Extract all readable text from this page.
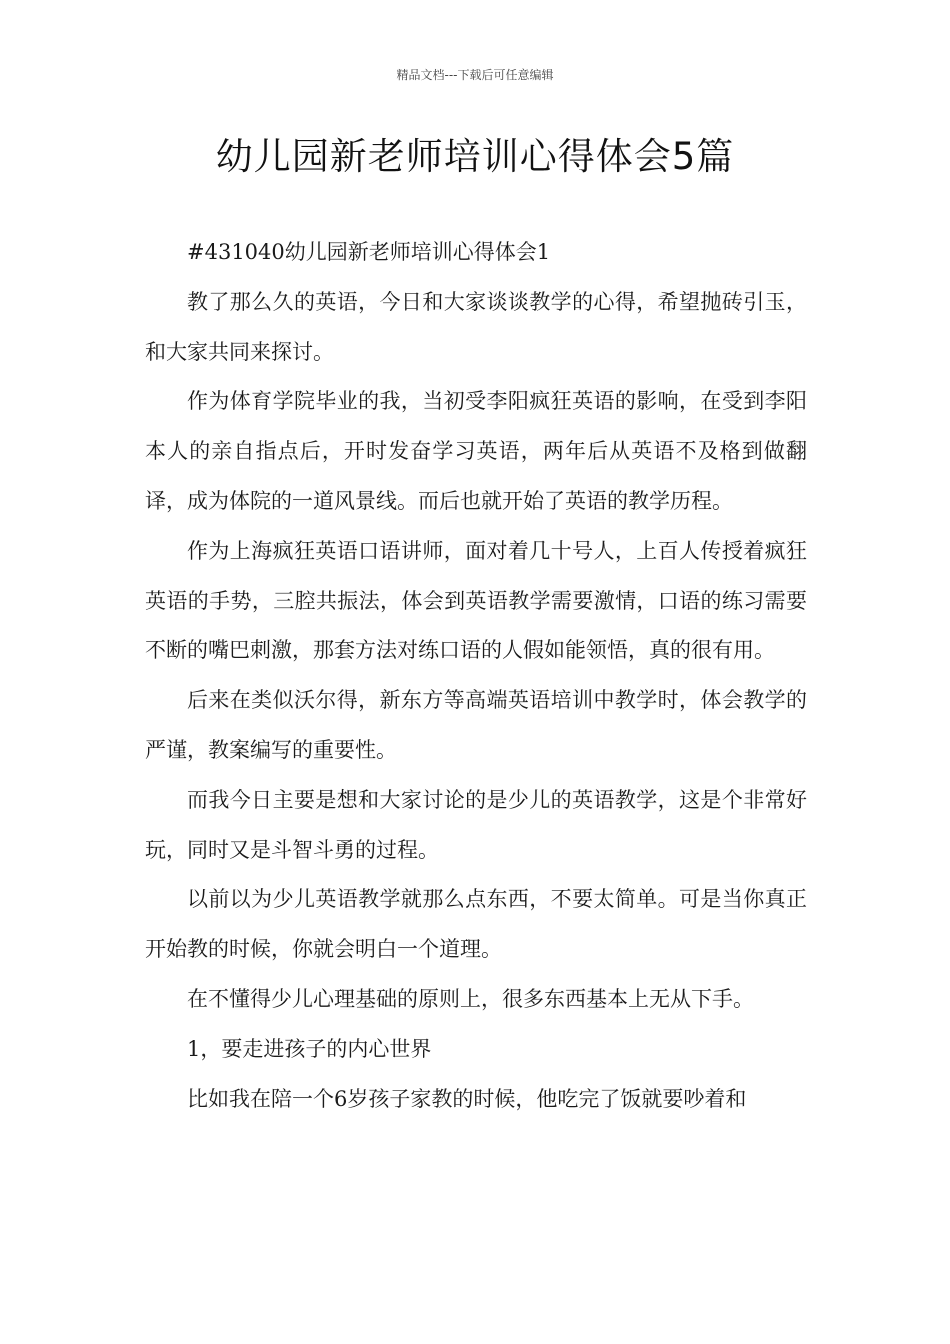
精品文档---下载后可任意编辑
幼儿园新老师培训心得体会5篇

#431040幼儿园新老师培训心得体会1

教了那么久的英语，今日和大家谈谈教学的心得，希望抛砖引玉，和大家共同来探讨。

作为体育学院毕业的我，当初受李阳疯狂英语的影响，在受到李阳本人的亲自指点后，开时发奋学习英语，两年后从英语不及格到做翻译，成为体院的一道风景线。而后也就开始了英语的教学历程。

作为上海疯狂英语口语讲师，面对着几十号人，上百人传授着疯狂英语的手势，三腔共振法，体会到英语教学需要激情，口语的练习需要不断的嘴巴刺激，那套方法对练口语的人假如能领悟，真的很有用。

后来在类似沃尔得，新东方等高端英语培训中教学时，体会教学的严谨，教案编写的重要性。

而我今日主要是想和大家讨论的是少儿的英语教学，这是个非常好玩，同时又是斗智斗勇的过程。

以前以为少儿英语教学就那么点东西，不要太简单。可是当你真正开始教的时候，你就会明白一个道理。

在不懂得少儿心理基础的原则上，很多东西基本上无从下手。

1，要走进孩子的内心世界

比如我在陪一个6岁孩子家教的时候，他吃完了饭就要吵着和
